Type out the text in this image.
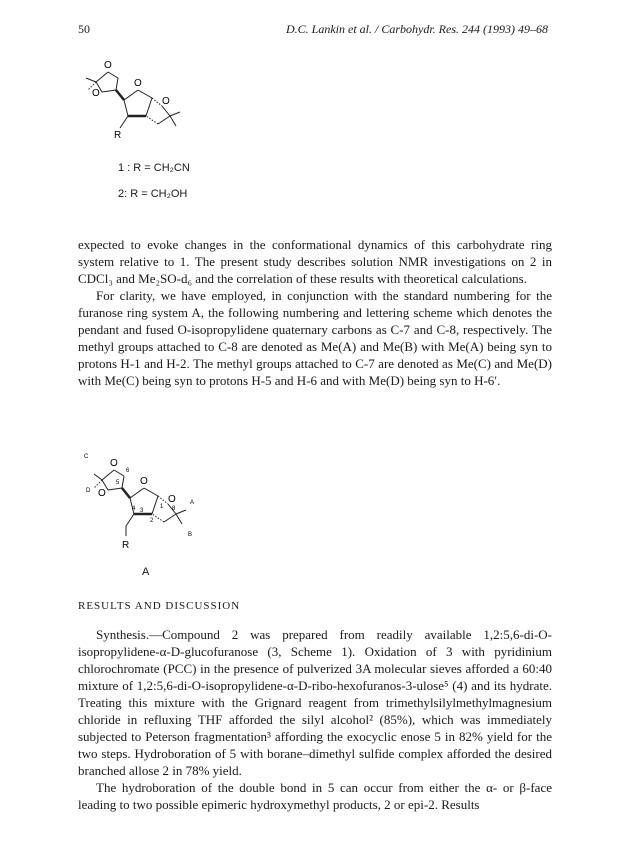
50	D.C. Lankin et al. / Carbohydr. Res. 244 (1993) 49–68
O
O
O
O
R
1 : R = CH₂CN
2: R = CH₂OH

expected to evoke changes in the conformational dynamics of this carbohydrate ring system relative to 1. The present study describes solution NMR investigations on 2 in CDCl₃ and Me₂SO-d₆ and the correlation of these results with theoretical calculations.

For clarity, we have employed, in conjunction with the standard numbering for the furanose ring system A, the following numbering and lettering scheme which denotes the pendant and fused O-isopropylidene quaternary carbons as C-7 and C-8, respectively. The methyl groups attached to C-8 are denoted as Me(A) and Me(B) with Me(A) being syn to protons H-1 and H-2. The methyl groups attached to C-7 are denoted as Me(C) and Me(D) with Me(C) being syn to protons H-5 and H-6 and with Me(D) being syn to H-6′.

O
O
O
O
R
C
D
6
5
4 3
1
2
8
A
B
A
RESULTS AND DISCUSSION

Synthesis.—Compound 2 was prepared from readily available 1,2:5,6-di-O-isopropylidene-α-D-glucofuranose (3, Scheme 1). Oxidation of 3 with pyridinium chlorochromate (PCC) in the presence of pulverized 3A molecular sieves afforded a 60:40 mixture of 1,2:5,6-di-O-isopropylidene-α-D-ribo-hexofuranos-3-ulose⁵ (4) and its hydrate. Treating this mixture with the Grignard reagent from trimethylsilylmethylmagnesium chloride in refluxing THF afforded the silyl alcohol² (85%), which was immediately subjected to Peterson fragmentation³ affording the exocyclic enose 5 in 82% yield for the two steps. Hydroboration of 5 with borane–dimethyl sulfide complex afforded the desired branched allose 2 in 78% yield.

The hydroboration of the double bond in 5 can occur from either the α- or β-face leading to two possible epimeric hydroxymethyl products, 2 or epi-2. Results
